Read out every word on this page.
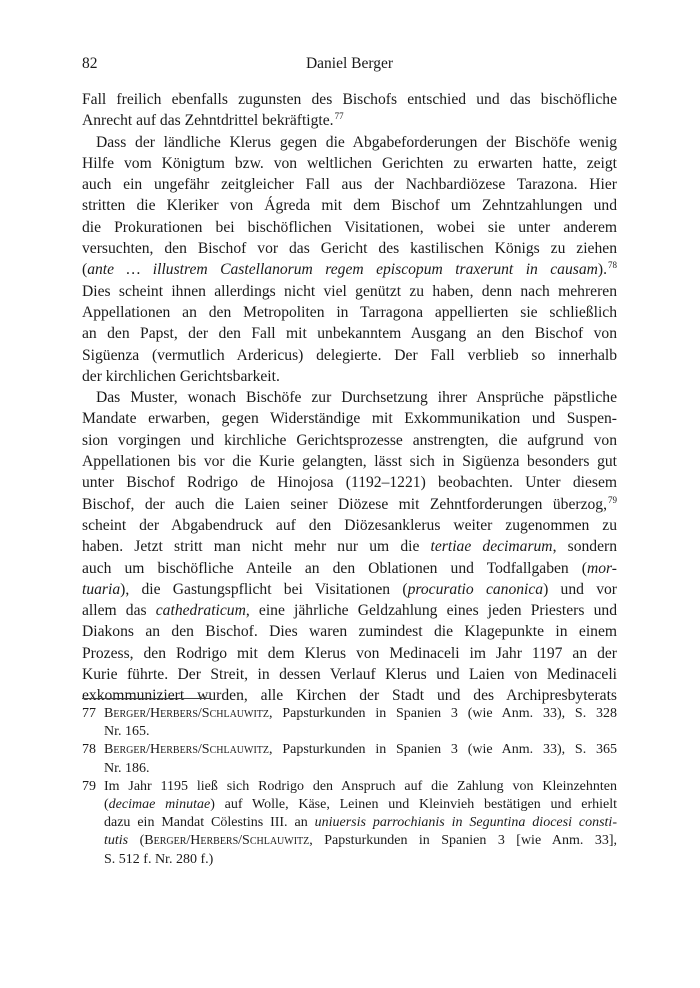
82	Daniel Berger

Fall freilich ebenfalls zugunsten des Bischofs entschied und das bischöfliche
Anrecht auf das Zehntdrittel bekräftigte.$^{77}$

Dass der ländliche Klerus gegen die Abgabeforderungen der Bischöfe wenig
Hilfe vom Königtum bzw. von weltlichen Gerichten zu erwarten hatte, zeigt
auch ein ungefähr zeitgleicher Fall aus der Nachbardiözese Tarazona. Hier
stritten die Kleriker von Ágreda mit dem Bischof um Zehntzahlungen und
die Prokurationen bei bischöflichen Visitationen, wobei sie unter anderem
versuchten, den Bischof vor das Gericht des kastilischen Königs zu ziehen
(ante … illustrem Castellanorum regem episcopum traxerunt in causam).$^{78}$
Dies scheint ihnen allerdings nicht viel genützt zu haben, denn nach mehreren
Appellationen an den Metropoliten in Tarragona appellierten sie schließlich
an den Papst, der den Fall mit unbekanntem Ausgang an den Bischof von
Sigüenza (vermutlich Ardericus) delegierte. Der Fall verblieb so innerhalb
der kirchlichen Gerichtsbarkeit.

Das Muster, wonach Bischöfe zur Durchsetzung ihrer Ansprüche päpstliche
Mandate erwarben, gegen Widerständige mit Exkommunikation und Suspen-
sion vorgingen und kirchliche Gerichtsprozesse anstrengten, die aufgrund von
Appellationen bis vor die Kurie gelangten, lässt sich in Sigüenza besonders gut
unter Bischof Rodrigo de Hinojosa (1192–1221) beobachten. Unter diesem
Bischof, der auch die Laien seiner Diözese mit Zehntforderungen überzog,$^{79}$
scheint der Abgabendruck auf den Diözesanklerus weiter zugenommen zu
haben. Jetzt stritt man nicht mehr nur um die tertiae decimarum, sondern
auch um bischöfliche Anteile an den Oblationen und Todfallgaben (mor-
tuaria), die Gastungspflicht bei Visitationen (procuratio canonica) und vor
allem das cathedraticum, eine jährliche Geldzahlung eines jeden Priesters und
Diakons an den Bischof. Dies waren zumindest die Klagepunkte in einem
Prozess, den Rodrigo mit dem Klerus von Medinaceli im Jahr 1197 an der
Kurie führte. Der Streit, in dessen Verlauf Klerus und Laien von Medinaceli
exkommuniziert wurden, alle Kirchen der Stadt und des Archipresbyterats

77 Berger/Herbers/Schlauwitz, Papsturkunden in Spanien 3 (wie Anm. 33), S. 328
Nr. 165.
78 Berger/Herbers/Schlauwitz, Papsturkunden in Spanien 3 (wie Anm. 33), S. 365
Nr. 186.
79 Im Jahr 1195 ließ sich Rodrigo den Anspruch auf die Zahlung von Kleinzehnten
(decimae minutae) auf Wolle, Käse, Leinen und Kleinvieh bestätigen und erhielt
dazu ein Mandat Cölestins III. an uniuersis parrochianis in Seguntina diocesi consti-
tutis (Berger/Herbers/Schlauwitz, Papsturkunden in Spanien 3 [wie Anm. 33],
S. 512 f. Nr. 280 f.)
